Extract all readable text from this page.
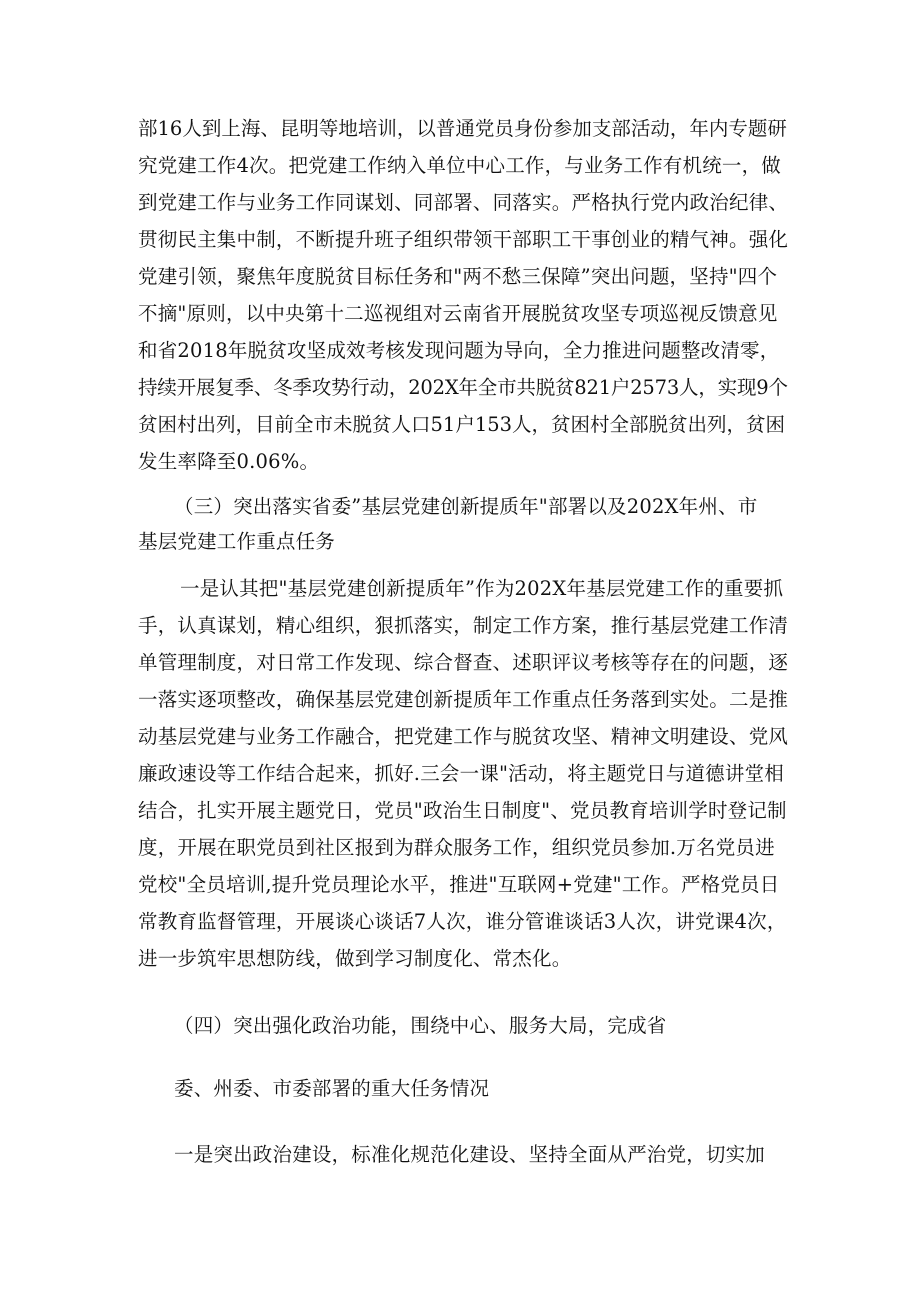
部16人到上海、昆明等地培训，以普通党员身份参加支部活动，年内专题研
究党建工作4次。把党建工作纳入单位中心工作，与业务工作有机统一，做
到党建工作与业务工作同谋划、同部署、同落实。严格执行党内政治纪律、
贯彻民主集中制，不断提升班子组织带领干部职工干事创业的精气神。强化
党建引领，聚焦年度脱贫目标任务和"两不愁三保障”突出问题，坚持"四个
不摘"原则，以中央第十二巡视组对云南省开展脱贫攻坚专项巡视反馈意见
和省2018年脱贫攻坚成效考核发现问题为导向，全力推进问题整改清零，
持续开展复季、冬季攻势行动，202X年全市共脱贫821户2573人，实现9个
贫困村出列，目前全市未脱贫人口51户153人，贫困村全部脱贫出列，贫困
发生率降至0.06%。
（三）突出落实省委”基层党建创新提质年"部署以及202X年州、市
基层党建工作重点任务
一是认其把"基层党建创新提质年”作为202X年基层党建工作的重要抓
手，认真谋划，精心组织，狠抓落实，制定工作方案，推行基层党建工作清
单管理制度，对日常工作发现、综合督查、述职评议考核等存在的问题，逐
一落实逐项整改，确保基层党建创新提质年工作重点任务落到实处。二是推
动基层党建与业务工作融合，把党建工作与脱贫攻坚、精神文明建设、党风
廉政速设等工作结合起来，抓好.三会一课"活动，将主题党日与道德讲堂相
结合，扎实开展主题党日，党员"政治生日制度"、党员教育培训学时登记制
度，开展在职党员到社区报到为群众服务工作，组织党员参加.万名党员进
党校"全员培训,提升党员理论水平，推进"互联网+党建"工作。严格党员日
常教育监督管理，开展谈心谈话7人次，谁分管谁谈话3人次，讲党课4次，
进一步筑牢思想防线，做到学习制度化、常杰化。
（四）突出强化政治功能，围绕中心、服务大局，完成省
委、州委、市委部署的重大任务情况
一是突出政治建设，标准化规范化建设、坚持全面从严治党，切实加
